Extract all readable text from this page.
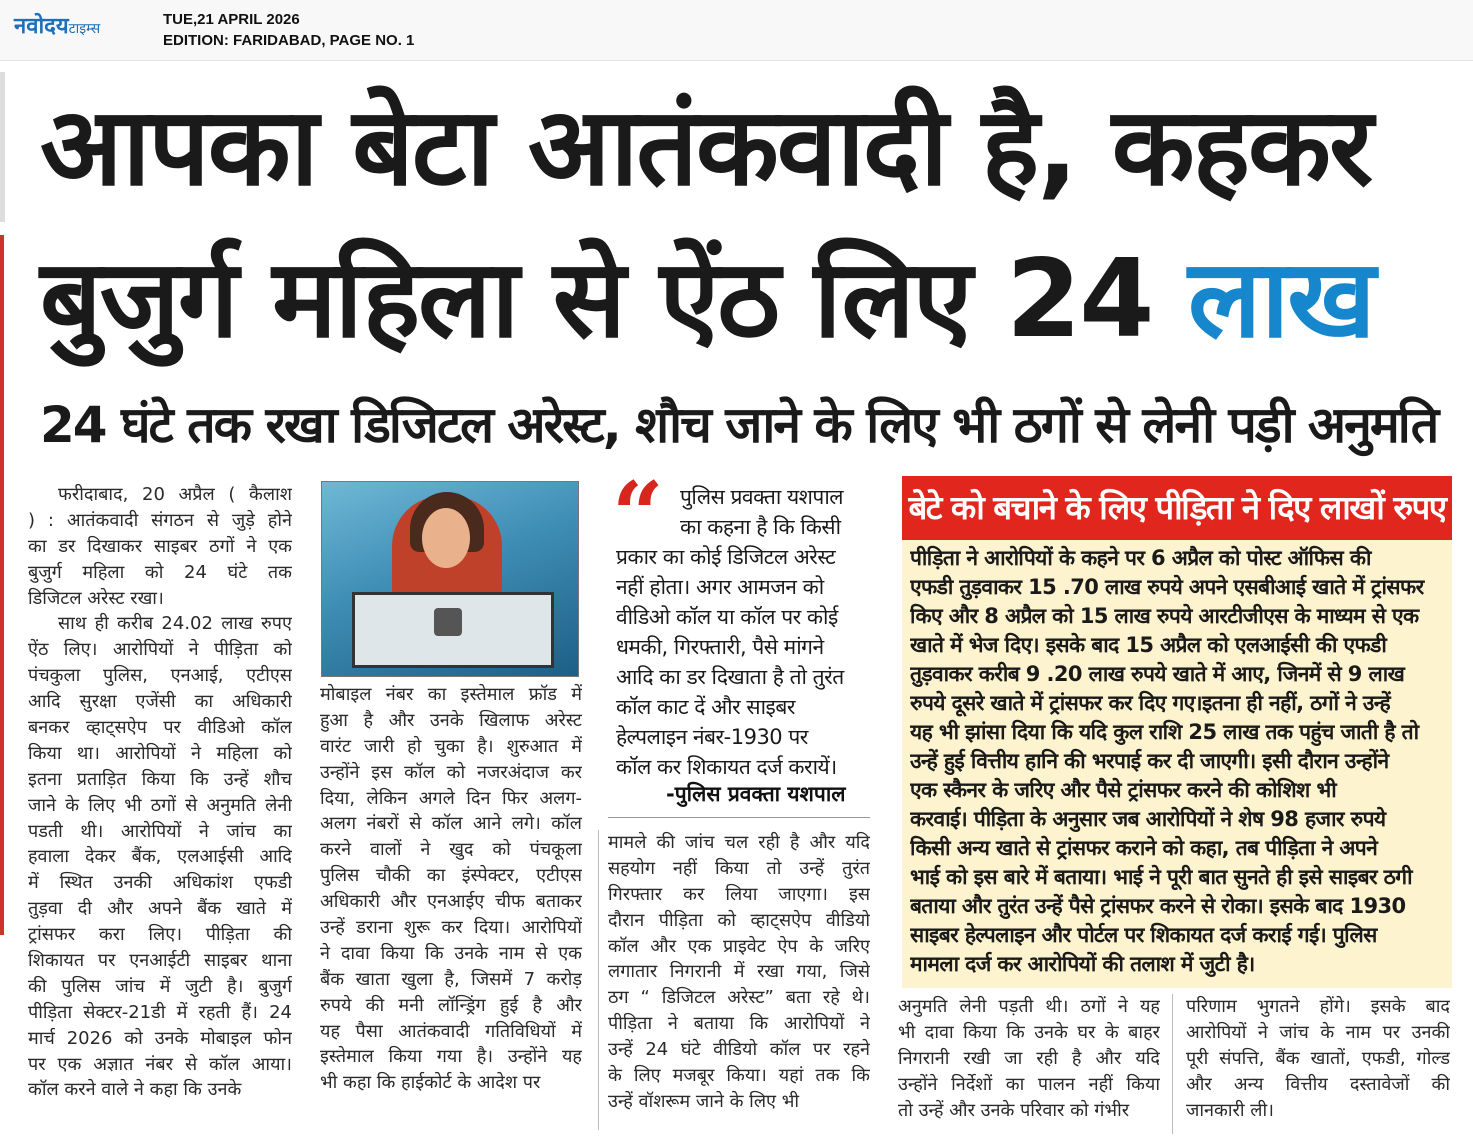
नवोदयटाइम्स
TUE,21 APRIL 2026
EDITION: FARIDABAD, PAGE NO. 1
आपका बेटा आतंकवादी है, कहकर
बुजुर्ग महिला से ऐंठ लिए 24 लाख
24 घंटे तक रखा डिजिटल अरेस्ट, शौच जाने के लिए भी ठगों से लेनी पड़ी अनुमति
फरीदाबाद, 20 अप्रैल ( कैलाश
) : आतंकवादी संगठन से जुड़े होने
का डर दिखाकर साइबर ठगों ने एक
बुजुर्ग महिला को 24 घंटे तक
डिजिटल अरेस्ट रखा।
साथ ही करीब 24.02 लाख रुपए
ऐंठ लिए। आरोपियों ने पीड़िता को
पंचकुला पुलिस, एनआई, एटीएस
आदि सुरक्षा एजेंसी का अधिकारी
बनकर व्हाट्सऐप पर वीडिओ कॉल
किया था। आरोपियों ने महिला को
इतना प्रताड़ित किया कि उन्हें शौच
जाने के लिए भी ठगों से अनुमति लेनी
पडती थी। आरोपियों ने जांच का
हवाला देकर बैंक, एलआईसी आदि
में स्थित उनकी अधिकांश एफडी
तुड़वा दी और अपने बैंक खाते में
ट्रांसफर करा लिए। पीड़िता की
शिकायत पर एनआईटी साइबर थाना
की पुलिस जांच में जुटी है। बुजुर्ग
पीड़िता सेक्टर-21डी में रहती हैं। 24
मार्च 2026 को उनके मोबाइल फोन
पर एक अज्ञात नंबर से कॉल आया।
कॉल करने वाले ने कहा कि उनके
मोबाइल नंबर का इस्तेमाल फ्रॉड में
हुआ है और उनके खिलाफ अरेस्ट
वारंट जारी हो चुका है। शुरुआत में
उन्होंने इस कॉल को नजरअंदाज कर
दिया, लेकिन अगले दिन फिर अलग-
अलग नंबरों से कॉल आने लगे। कॉल
करने वालों ने खुद को पंचकूला
पुलिस चौकी का इंस्पेक्टर, एटीएस
अधिकारी और एनआईए चीफ बताकर
उन्हें डराना शुरू कर दिया। आरोपियों
ने दावा किया कि उनके नाम से एक
बैंक खाता खुला है, जिसमें 7 करोड़
रुपये की मनी लॉन्ड्रिंग हुई है और
यह पैसा आतंकवादी गतिविधियों में
इस्तेमाल किया गया है। उन्होंने यह
भी कहा कि हाईकोर्ट के आदेश पर
“ पुलिस प्रवक्ता यशपाल
का कहना है कि किसी
प्रकार का कोई डिजिटल अरेस्ट
नहीं होता। अगर आमजन को
वीडिओ कॉल या कॉल पर कोई
धमकी, गिरफ्तारी, पैसे मांगने
आदि का डर दिखाता है तो तुरंत
कॉल काट दें और साइबर
हेल्पलाइन नंबर-1930 पर
कॉल कर शिकायत दर्ज करायें।
-पुलिस प्रवक्ता यशपाल
मामले की जांच चल रही है और यदि
सहयोग नहीं किया तो उन्हें तुरंत
गिरफ्तार कर लिया जाएगा। इस
दौरान पीड़िता को व्हाट्सऐप वीडियो
कॉल और एक प्राइवेट ऐप के जरिए
लगातार निगरानी में रखा गया, जिसे
ठग “ डिजिटल अरेस्ट” बता रहे थे।
पीड़िता ने बताया कि आरोपियों ने
उन्हें 24 घंटे वीडियो कॉल पर रहने
के लिए मजबूर किया। यहां तक कि
उन्हें वॉशरूम जाने के लिए भी
बेटे को बचाने के लिए पीड़िता ने दिए लाखों रुपए
पीड़िता ने आरोपियों के कहने पर 6 अप्रैल को पोस्ट ऑफिस की
एफडी तुड़वाकर 15 .70 लाख रुपये अपने एसबीआई खाते में ट्रांसफर
किए और 8 अप्रैल को 15 लाख रुपये आरटीजीएस के माध्यम से एक
खाते में भेज दिए। इसके बाद 15 अप्रैल को एलआईसी की एफडी
तुड़वाकर करीब 9 .20 लाख रुपये खाते में आए, जिनमें से 9 लाख
रुपये दूसरे खाते में ट्रांसफर कर दिए गए।इतना ही नहीं, ठगों ने उन्हें
यह भी झांसा दिया कि यदि कुल राशि 25 लाख तक पहुंच जाती है तो
उन्हें हुई वित्तीय हानि की भरपाई कर दी जाएगी। इसी दौरान उन्होंने
एक स्कैनर के जरिए और पैसे ट्रांसफर करने की कोशिश भी
करवाई। पीड़िता के अनुसार जब आरोपियों ने शेष 98 हजार रुपये
किसी अन्य खाते से ट्रांसफर कराने को कहा, तब पीड़िता ने अपने
भाई को इस बारे में बताया। भाई ने पूरी बात सुनते ही इसे साइबर ठगी
बताया और तुरंत उन्हें पैसे ट्रांसफर करने से रोका। इसके बाद 1930
साइबर हेल्पलाइन और पोर्टल पर शिकायत दर्ज कराई गई। पुलिस
मामला दर्ज कर आरोपियों की तलाश में जुटी है।
अनुमति लेनी पड़ती थी। ठगों ने यह
भी दावा किया कि उनके घर के बाहर
निगरानी रखी जा रही है और यदि
उन्होंने निर्देशों का पालन नहीं किया
तो उन्हें और उनके परिवार को गंभीर
परिणाम भुगतने होंगे। इसके बाद
आरोपियों ने जांच के नाम पर उनकी
पूरी संपत्ति, बैंक खातों, एफडी, गोल्ड
और अन्य वित्तीय दस्तावेजों की
जानकारी ली।
